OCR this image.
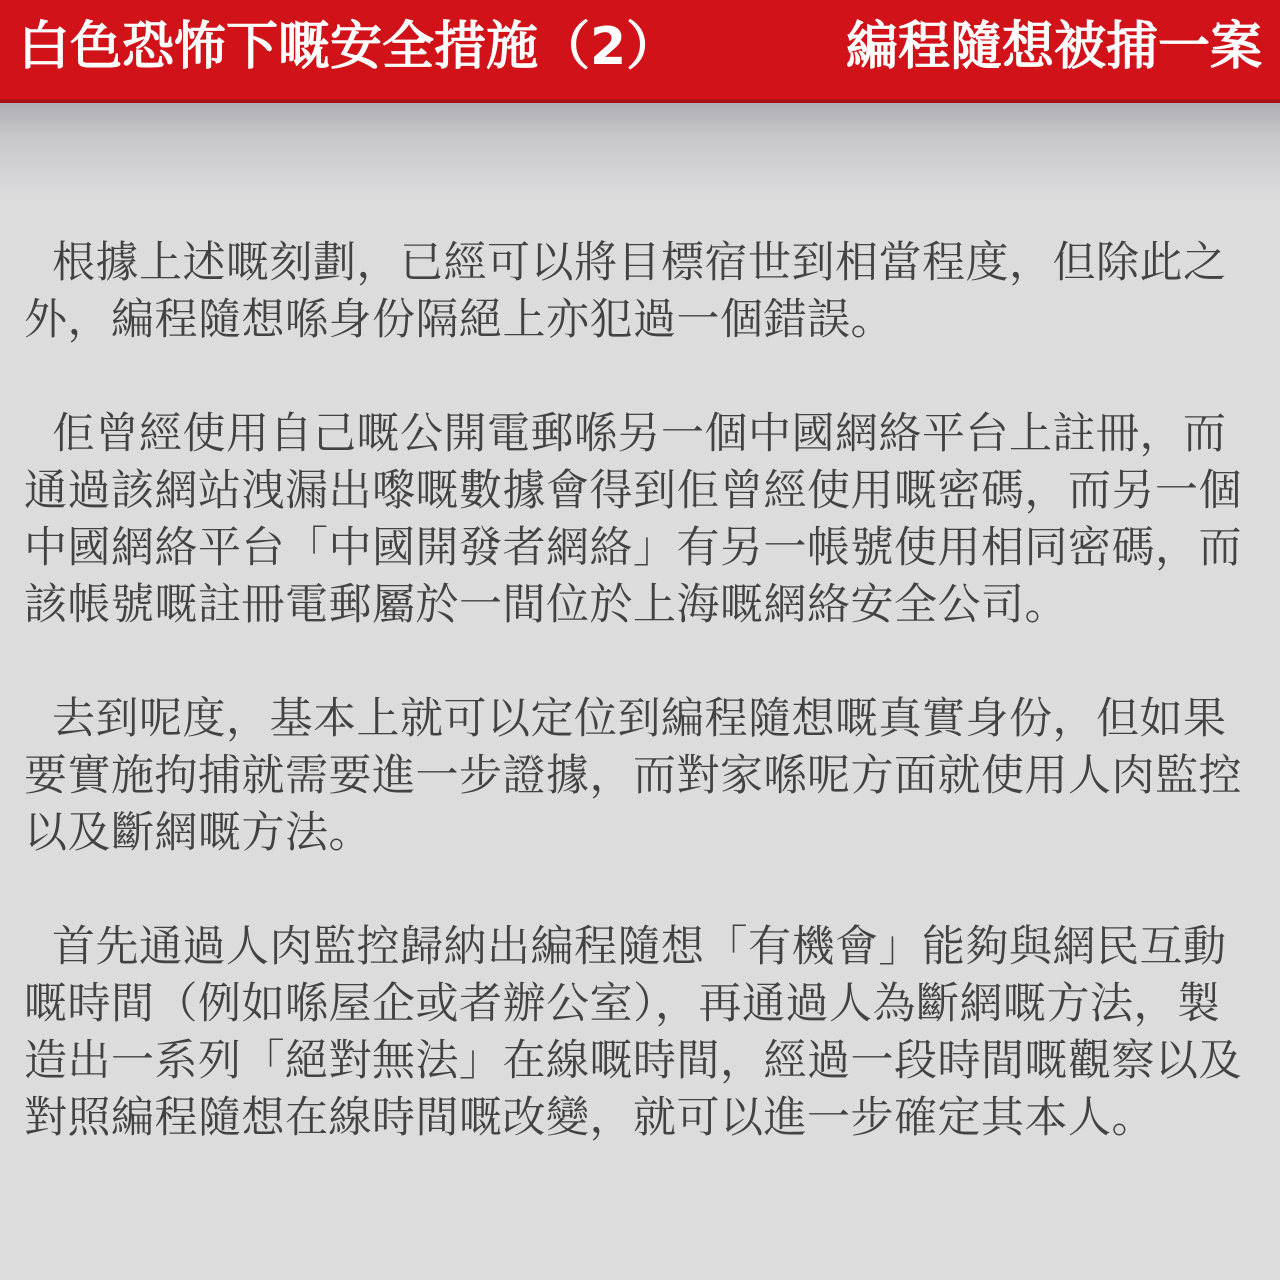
白色恐怖下嘅安全措施（2）	編程隨想被捕一案
根據上述嘅刻劃，已經可以將目標宿世到相當程度，但除此之
外，編程隨想喺身份隔絕上亦犯過一個錯誤。
佢曾經使用自己嘅公開電郵喺另一個中國網絡平台上註冊，而
通過該網站洩漏出嚟嘅數據會得到佢曾經使用嘅密碼，而另一個
中國網絡平台「中國開發者網絡」有另一帳號使用相同密碼，而
該帳號嘅註冊電郵屬於一間位於上海嘅網絡安全公司。
去到呢度，基本上就可以定位到編程隨想嘅真實身份，但如果
要實施拘捕就需要進一步證據，而對家喺呢方面就使用人肉監控
以及斷網嘅方法。
首先通過人肉監控歸納出編程隨想「有機會」能夠與網民互動
嘅時間（例如喺屋企或者辦公室），再通過人為斷網嘅方法，製
造出一系列「絕對無法」在線嘅時間，經過一段時間嘅觀察以及
對照編程隨想在線時間嘅改變，就可以進一步確定其本人。
